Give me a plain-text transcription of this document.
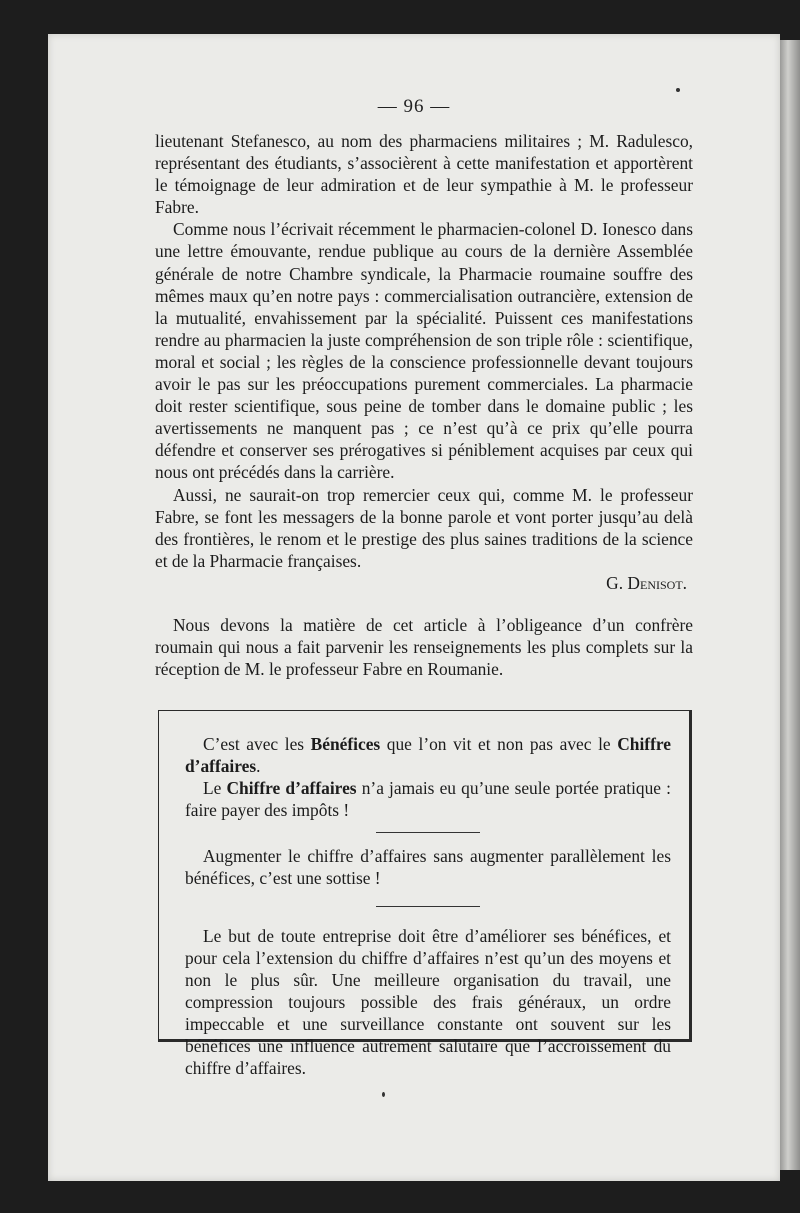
— 96 —

lieutenant Stefanesco, au nom des pharmaciens militaires ; M. Radulesco, représentant des étudiants, s’associèrent à cette manifestation et apportèrent le témoignage de leur admiration et de leur sympathie à M. le professeur Fabre.

Comme nous l’écrivait récemment le pharmacien-colonel D. Ionesco dans une lettre émouvante, rendue publique au cours de la dernière Assemblée générale de notre Chambre syndicale, la Pharmacie roumaine souffre des mêmes maux qu’en notre pays : commercialisation outrancière, extension de la mutualité, envahissement par la spécialité. Puissent ces manifestations rendre au pharmacien la juste compréhension de son triple rôle : scientifique, moral et social ; les règles de la conscience professionnelle devant toujours avoir le pas sur les préoccupations purement commerciales. La pharmacie doit rester scientifique, sous peine de tomber dans le domaine public ; les avertissements ne manquent pas ; ce n’est qu’à ce prix qu’elle pourra défendre et conserver ses prérogatives si péniblement acquises par ceux qui nous ont précédés dans la carrière.

Aussi, ne saurait-on trop remercier ceux qui, comme M. le professeur Fabre, se font les messagers de la bonne parole et vont porter jusqu’au delà des frontières, le renom et le prestige des plus saines traditions de la science et de la Pharmacie françaises.

G. Denisot.

Nous devons la matière de cet article à l’obligeance d’un confrère roumain qui nous a fait parvenir les renseignements les plus complets sur la réception de M. le professeur Fabre en Roumanie.

C’est avec les Bénéfices que l’on vit et non pas avec le Chiffre d’affaires.

Le Chiffre d’affaires n’a jamais eu qu’une seule portée pratique : faire payer des impôts !

Augmenter le chiffre d’affaires sans augmenter parallèlement les bénéfices, c’est une sottise !

Le but de toute entreprise doit être d’améliorer ses bénéfices, et pour cela l’extension du chiffre d’affaires n’est qu’un des moyens et non le plus sûr. Une meilleure organisation du travail, une compression toujours possible des frais généraux, un ordre impeccable et une surveillance constante ont souvent sur les bénéfices une influence autrement salutaire que l’accroissement du chiffre d’affaires.
